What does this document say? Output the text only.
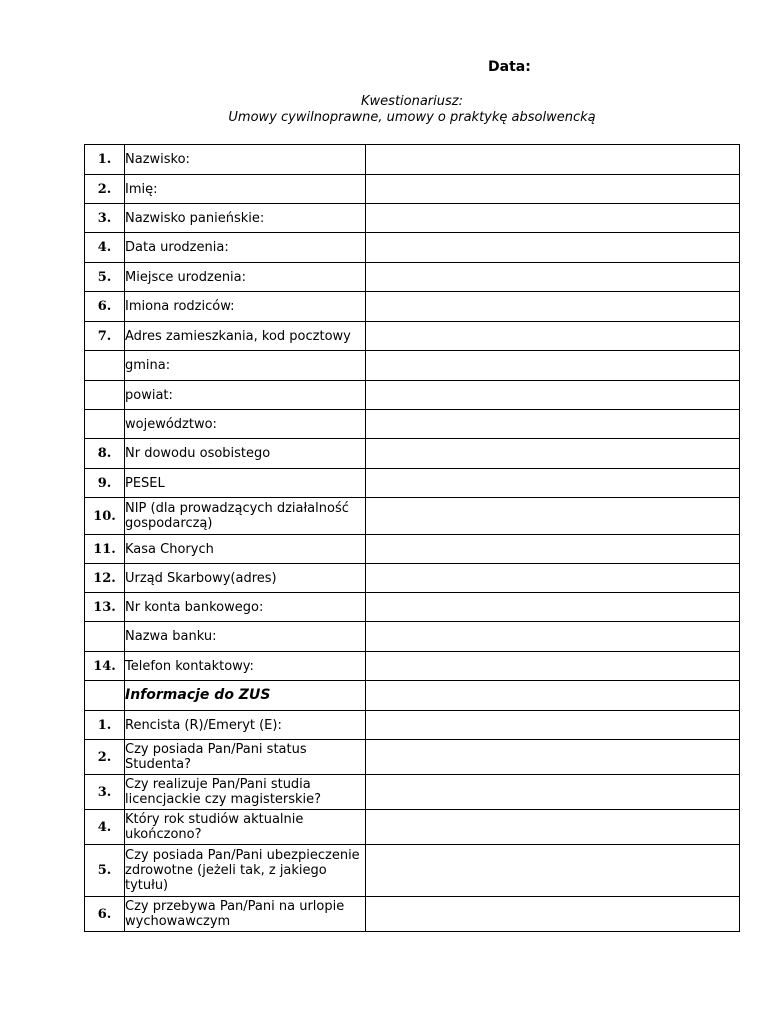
Data:
Kwestionariusz:
Umowy cywilnoprawne, umowy o praktykę absolwencką
1.	Nazwisko:	
2.	Imię:	
3.	Nazwisko panieńskie:	
4.	Data urodzenia:	
5.	Miejsce urodzenia:	
6.	Imiona rodziców:	
7.	Adres zamieszkania, kod pocztowy	
	gmina:	
	powiat:	
	województwo:	
8.	Nr dowodu osobistego	
9.	PESEL	
10.	NIP (dla prowadzących działalność gospodarczą)	
11.	Kasa Chorych	
12.	Urząd Skarbowy(adres)	
13.	Nr konta bankowego:	
	Nazwa banku:	
14.	Telefon kontaktowy:	
	Informacje do ZUS	
1.	Rencista (R)/Emeryt (E):	
2.	Czy posiada Pan/Pani status Studenta?	
3.	Czy realizuje Pan/Pani studia licencjackie czy magisterskie?	
4.	Który rok studiów aktualnie ukończono?	
5.	Czy posiada Pan/Pani ubezpieczenie zdrowotne (jeżeli tak, z jakiego tytułu)	
6.	Czy przebywa Pan/Pani na urlopie wychowawczym	
